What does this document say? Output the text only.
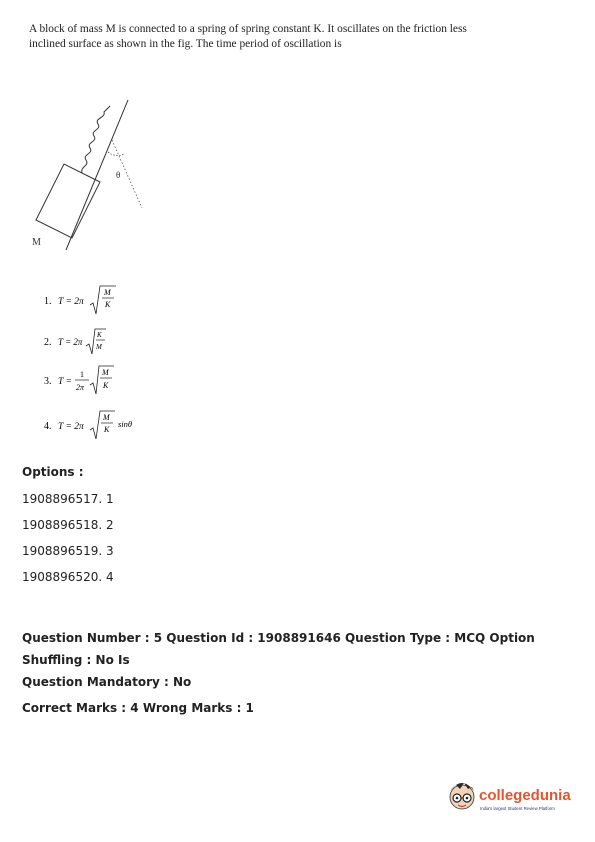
A block of mass M is connected to a spring of spring constant K. It oscillates on the friction less
inclined surface as shown in the fig. The time period of oscillation is
θ
M
1. T = 2π
M
K
2. T = 2π
K
M
3. T =
1
2π
M
K
4. T = 2π
M
K
sinθ
Options :
1908896517. 1
1908896518. 2
1908896519. 3
1908896520. 4
Question Number : 5 Question Id : 1908891646 Question Type : MCQ Option Shuffling : No Is
Question Mandatory : No
Correct Marks : 4 Wrong Marks : 1
collegedunia
India's largest Student Review Platform
